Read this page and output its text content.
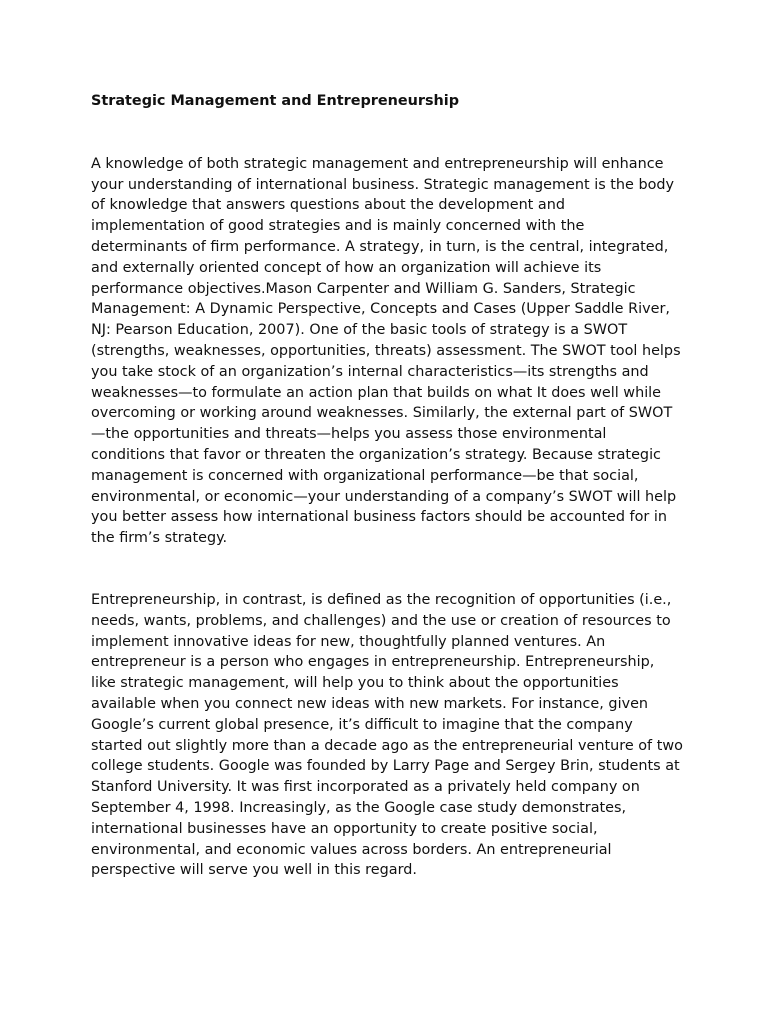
Strategic Management and Entrepreneurship

A knowledge of both strategic management and entrepreneurship will enhance your understanding of international business. Strategic management is the body of knowledge that answers questions about the development and implementation of good strategies and is mainly concerned with the determinants of firm performance. A strategy, in turn, is the central, integrated, and externally oriented concept of how an organization will achieve its performance objectives.Mason Carpenter and William G. Sanders, Strategic Management: A Dynamic Perspective, Concepts and Cases (Upper Saddle River, NJ: Pearson Education, 2007). One of the basic tools of strategy is a SWOT (strengths, weaknesses, opportunities, threats) assessment. The SWOT tool helps you take stock of an organization’s internal characteristics—its strengths and weaknesses—to formulate an action plan that builds on what It does well while overcoming or working around weaknesses. Similarly, the external part of SWOT—the opportunities and threats—helps you assess those environmental conditions that favor or threaten the organization’s strategy. Because strategic management is concerned with organizational performance—be that social, environmental, or economic—your understanding of a company’s SWOT will help you better assess how international business factors should be accounted for in the firm’s strategy.

Entrepreneurship, in contrast, is defined as the recognition of opportunities (i.e., needs, wants, problems, and challenges) and the use or creation of resources to implement innovative ideas for new, thoughtfully planned ventures. An entrepreneur is a person who engages in entrepreneurship. Entrepreneurship, like strategic management, will help you to think about the opportunities available when you connect new ideas with new markets. For instance, given Google’s current global presence, it’s difficult to imagine that the company started out slightly more than a decade ago as the entrepreneurial venture of two college students. Google was founded by Larry Page and Sergey Brin, students at Stanford University. It was first incorporated as a privately held company on September 4, 1998. Increasingly, as the Google case study demonstrates, international businesses have an opportunity to create positive social, environmental, and economic values across borders. An entrepreneurial perspective will serve you well in this regard.
